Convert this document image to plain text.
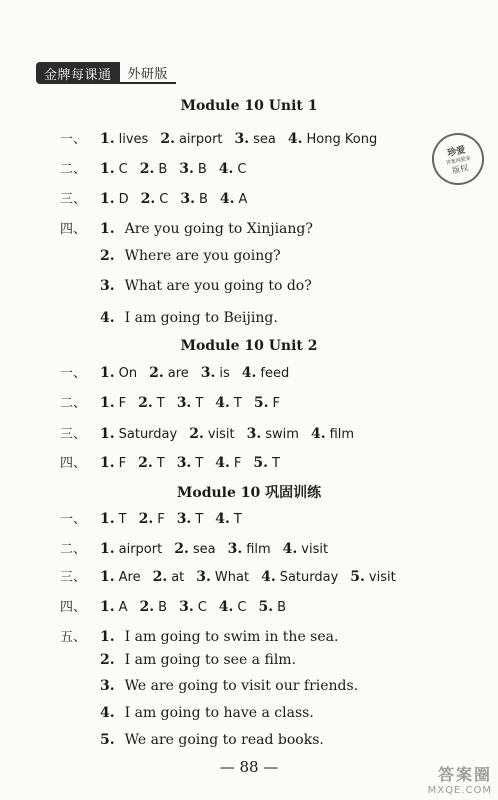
金牌每课通	外研版
珍爱
答案网独家
版权
Module 10 Unit 1
一、 1. lives 2. airport 3. sea 4. Hong Kong
二、 1. C 2. B 3. B 4. C
三、 1. D 2. C 3. B 4. A
四、 1. Are you going to Xinjiang?
2. Where are you going?
3. What are you going to do?
4. I am going to Beijing.
Module 10 Unit 2
一、 1. On 2. are 3. is 4. feed
二、 1. F 2. T 3. T 4. T 5. F
三、 1. Saturday 2. visit 3. swim 4. film
四、 1. F 2. T 3. T 4. F 5. T
Module 10 巩固训练
一、 1. T 2. F 3. T 4. T
二、 1. airport 2. sea 3. film 4. visit
三、 1. Are 2. at 3. What 4. Saturday 5. visit
四、 1. A 2. B 3. C 4. C 5. B
五、 1. I am going to swim in the sea.
2. I am going to see a film.
3. We are going to visit our friends.
4. I am going to have a class.
5. We are going to read books.
— 88 —	答案圈
MXQE.COM
